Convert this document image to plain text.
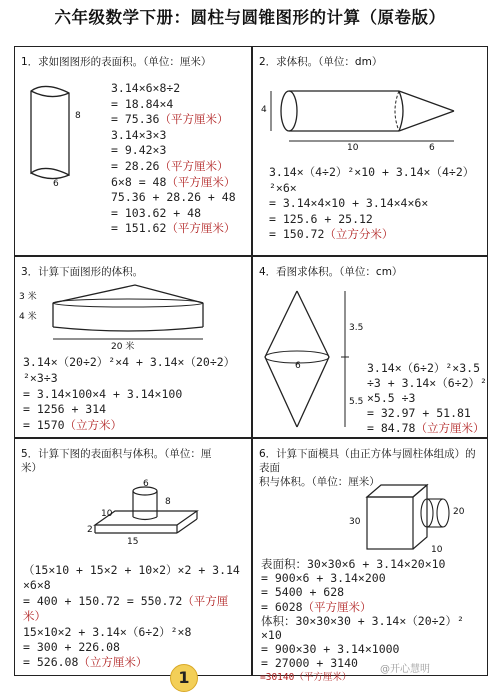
六年级数学下册：圆柱与圆锥图形的计算（原卷版）
1．求如图图形的表面积。（单位：厘米）
8
6
3.14×6×8÷2
= 18.84×4
= 75.36（平方厘米）
3.14×3×3
= 9.42×3
= 28.26（平方厘米）
6×8 = 48（平方厘米）
75.36 + 28.26 + 48
= 103.62 + 48
= 151.62（平方厘米）
2．求体积。（单位：dm）
4
10	6
3.14×（4÷2）²×10 + 3.14×（4÷2）
²×6×
= 3.14×4×10 + 3.14×4×6×
= 125.6 + 25.12
= 150.72（立方分米）
3．计算下面图形的体积。
3 米
4 米
20 米
3.14×（20÷2）²×4 + 3.14×（20÷2）
²×3÷3
= 3.14×100×4 + 3.14×100
= 1256 + 314
= 1570（立方米）
4．看图求体积。（单位：cm）
3.5
6
5.5
3.14×（6÷2）²×3.5
÷3 + 3.14×（6÷2）²
×5.5 ÷3
= 32.97 + 51.81
= 84.78（立方厘米）
5．计算下图的表面积与体积。（单位：厘
米）
10
2
15
6
8
（15×10 + 15×2 + 10×2）×2 + 3.14
×6×8
= 400 + 150.72 = 550.72（平方厘
米）
15×10×2 + 3.14×（6÷2）²×8
= 300 + 226.08
= 526.08（立方厘米）
6．计算下面模具（由正方体与圆柱体组成）的表面
积与体积。（单位：厘米）
30
20
10
表面积：30×30×6 + 3.14×20×10
= 900×6 + 3.14×200
= 5400 + 628
= 6028（平方厘米）
体积：30×30×30 + 3.14×（20÷2）²
×10
= 900×30 + 3.14×1000
= 27000 + 3140
1	=30140（平方厘米）
@开心慧明
